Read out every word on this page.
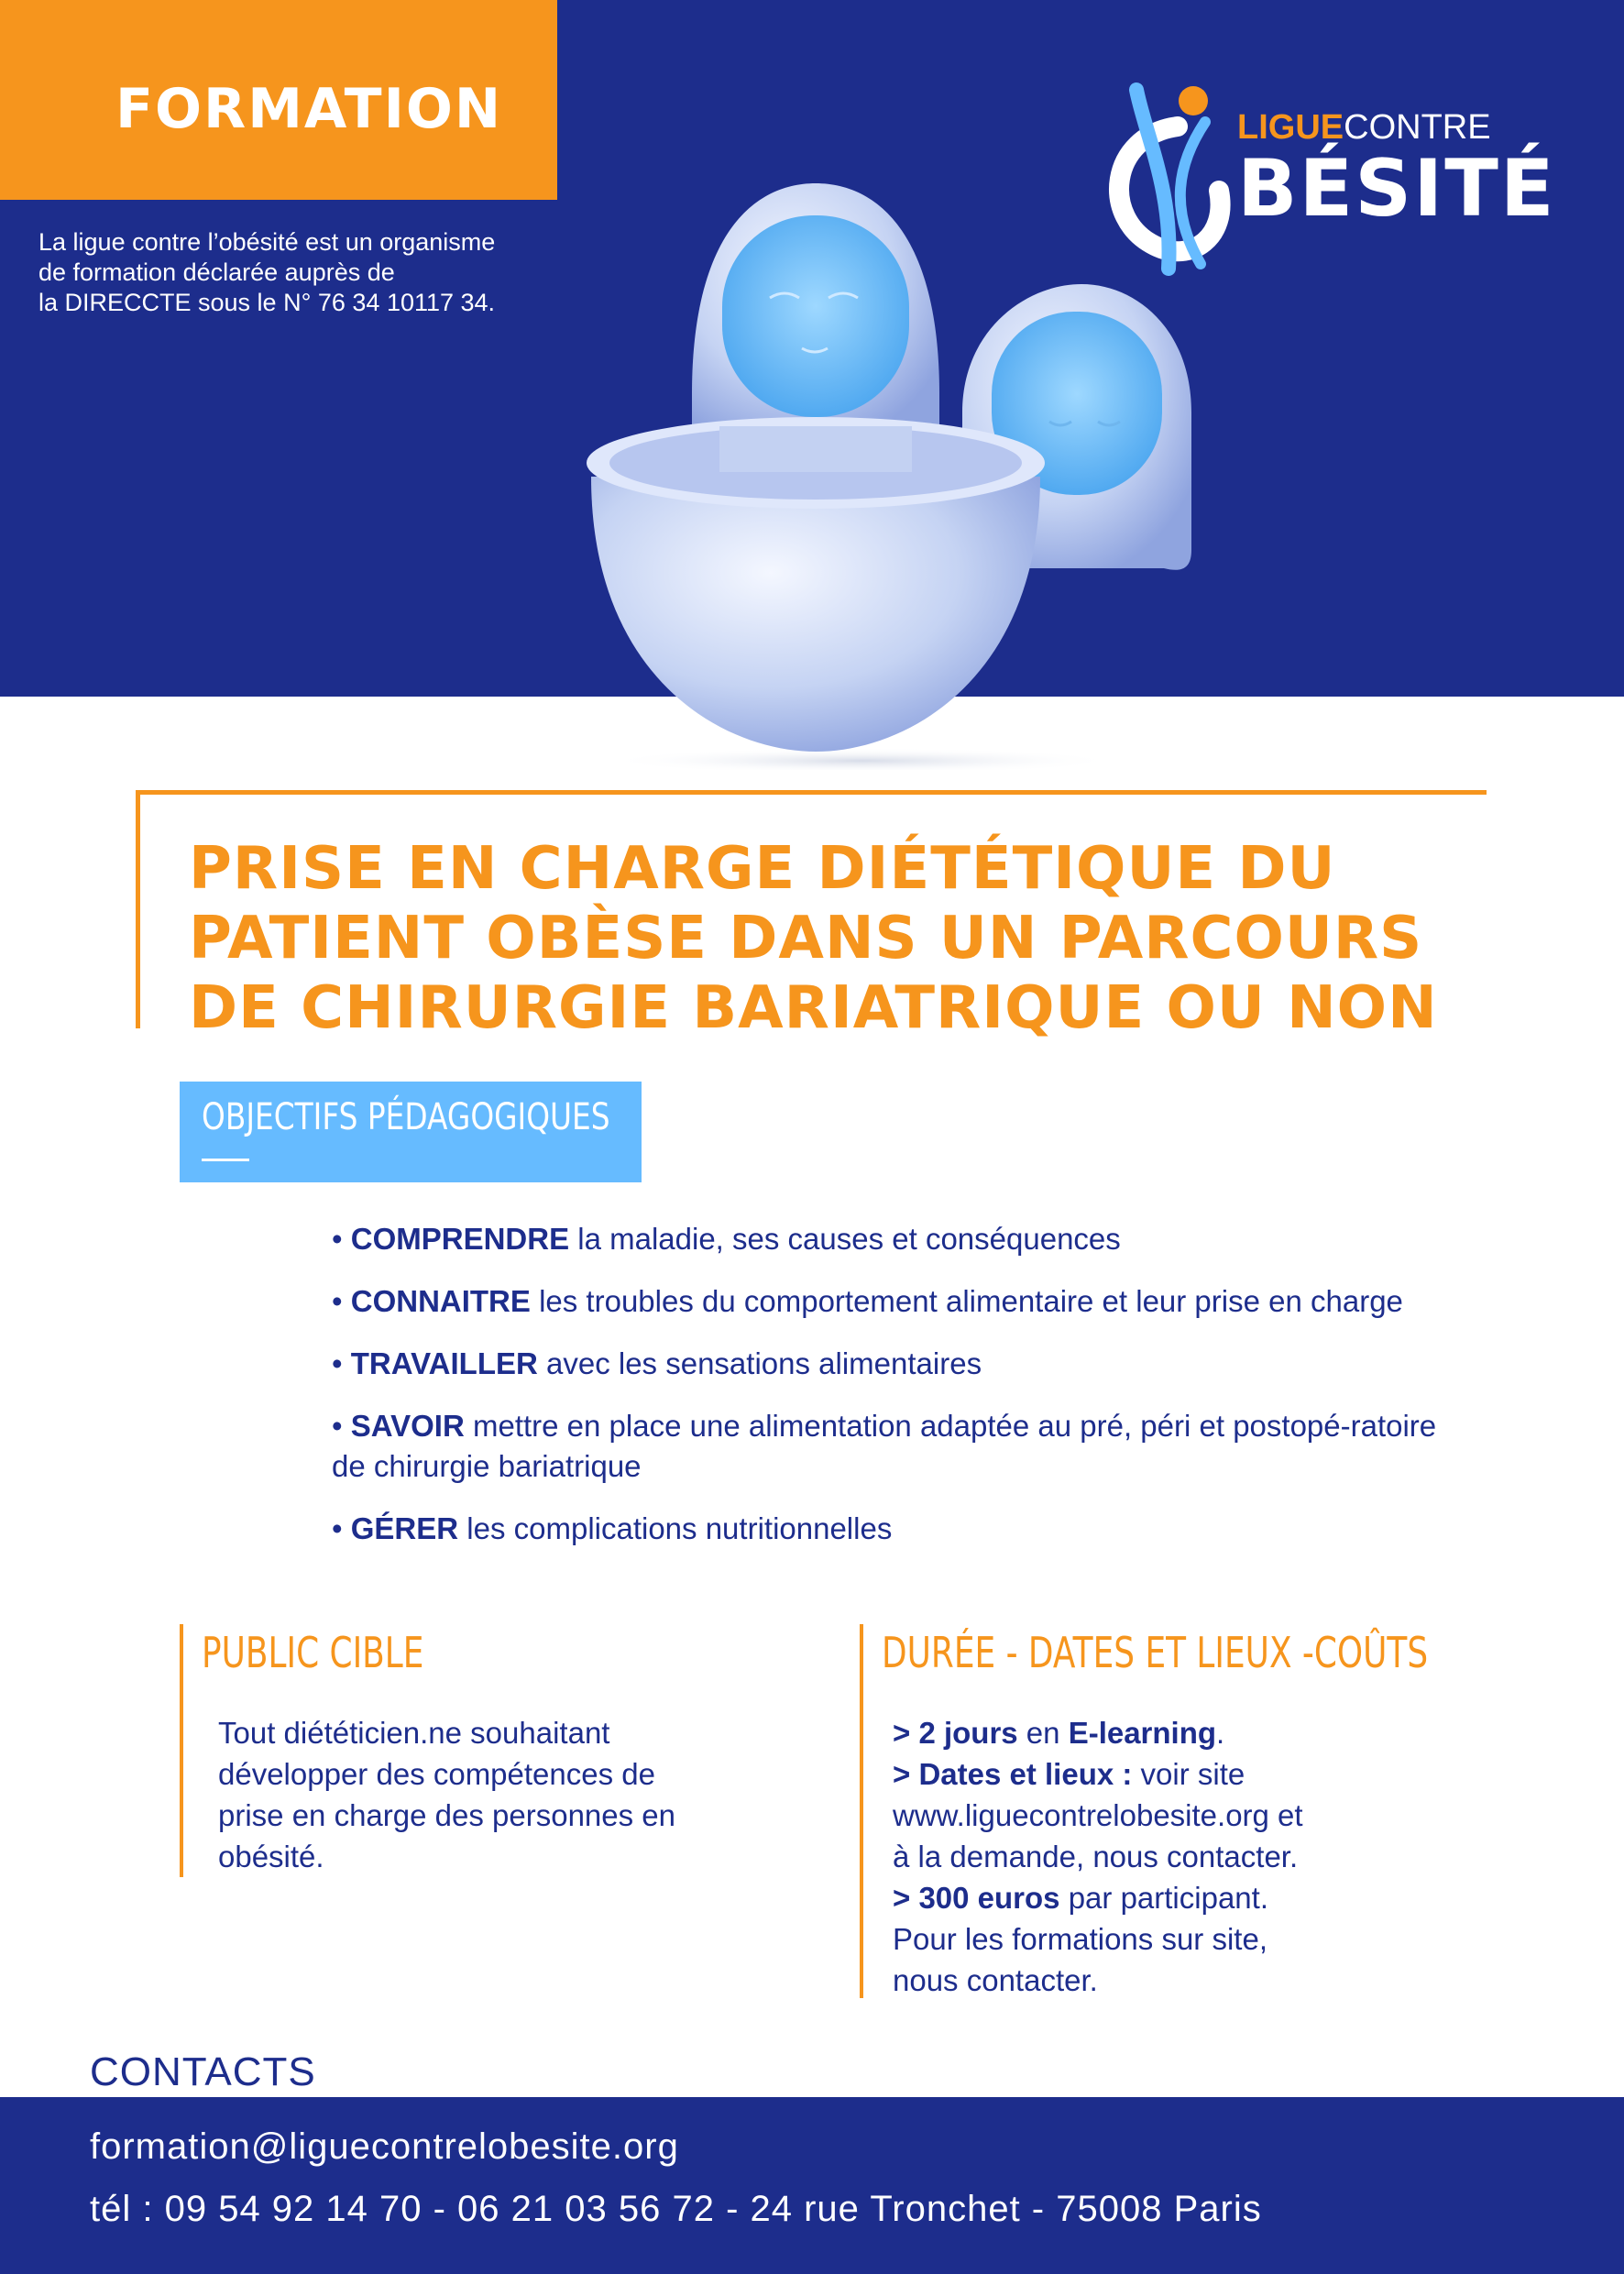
FORMATION
La ligue contre l’obésité est un organisme
de formation déclarée auprès de
la DIRECCTE sous le N° 76 34 10117 34.
LIGUECONTRE
BÉSITÉ
PRISE EN CHARGE DIÉTÉTIQUE DU
PATIENT OBÈSE DANS UN PARCOURS
DE CHIRURGIE BARIATRIQUE OU NON
OBJECTIFS PÉDAGOGIQUES
• COMPRENDRE la maladie, ses causes et conséquences
• CONNAITRE les troubles du comportement alimentaire et leur prise en charge
• TRAVAILLER avec les sensations alimentaires
• SAVOIR mettre en place une alimentation adaptée au pré, péri et postopé-ratoire de chirurgie bariatrique
• GÉRER les complications nutritionnelles
PUBLIC CIBLE
Tout diététicien.ne souhaitant
développer des compétences de
prise en charge des personnes en
obésité.
DURÉE - DATES ET LIEUX -COÛTS
> 2 jours en E-learning.
> Dates et lieux : voir site
www.liguecontrelobesite.org et
à la demande, nous contacter.
> 300 euros par participant.
Pour les formations sur site,
nous contacter.
CONTACTS
formation@liguecontrelobesite.org
tél : 09 54 92 14 70 - 06 21 03 56 72 - 24 rue Tronchet - 75008 Paris
